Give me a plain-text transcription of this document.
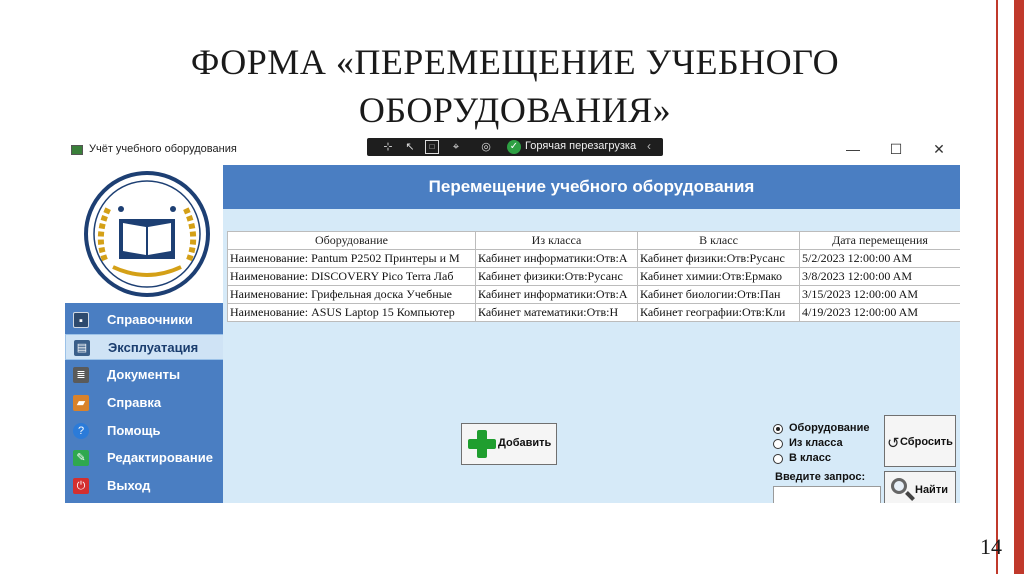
ФОРМА «ПЕРЕМЕЩЕНИЕ УЧЕБНОГО
ОБОРУДОВАНИЯ»
14
Учёт учебного оборудования	⊹ ↖	□	⌖	◎ ✓ Горячая перезагрузка ‹	— ☐ ✕
▪	Справочники
▤ Эксплуатация
≣ Документы
▰ Справка
?	Помощь
✎ Редактирование
⏻ Выход
Перемещение учебного оборудования
Оборудование	Из класса	В класс	Дата перемещения
Наименование: Pantum P2502 Принтеры и М	Кабинет информатики:Отв:А	Кабинет физики:Отв:Русанс	5/2/2023 12:00:00 AM
Наименование: DISCOVERY Pico Terra Лаб	Кабинет физики:Отв:Русанс	Кабинет химии:Отв:Ермако	3/8/2023 12:00:00 AM
Наименование: Грифельная доска Учебные	Кабинет информатики:Отв:А	Кабинет биологии:Отв:Пан	3/15/2023 12:00:00 AM
Наименование: ASUS Laptop 15 Компьютер	Кабинет математики:Отв:Н	Кабинет географии:Отв:Кли	4/19/2023 12:00:00 AM
Добавить
Оборудование
Из класса
В класс
↺ Сбросить
Введите запрос:
Найти
